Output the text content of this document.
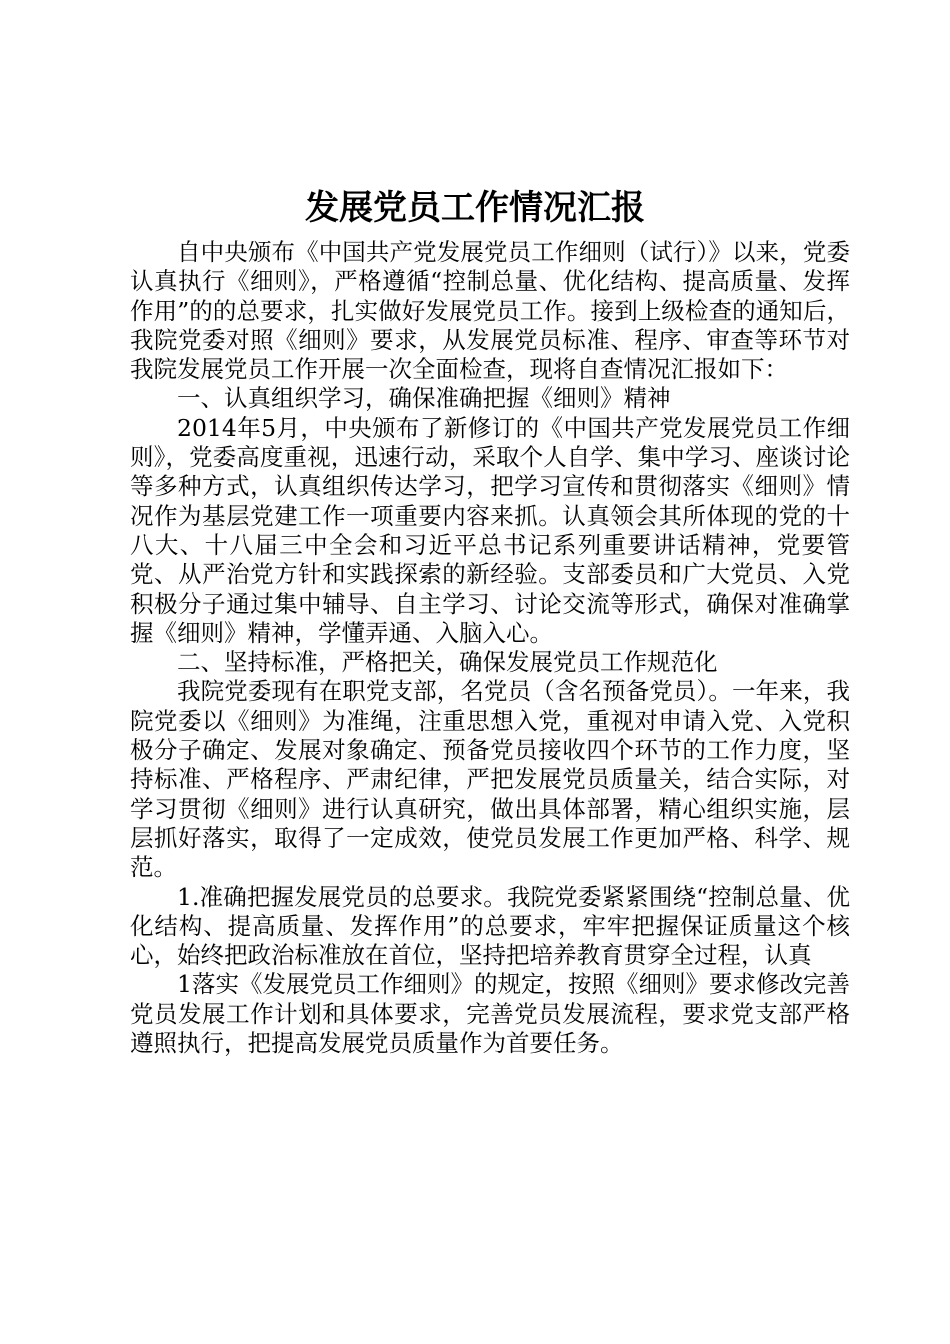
发展党员工作情况汇报

自中央颁布《中国共产党发展党员工作细则（试行）》以来，党委认真执行《细则》，严格遵循“控制总量、优化结构、提高质量、发挥作用”的的总要求，扎实做好发展党员工作。接到上级检查的通知后，我院党委对照《细则》要求，从发展党员标准、程序、审查等环节对我院发展党员工作开展一次全面检查，现将自查情况汇报如下：

一、认真组织学习，确保准确把握《细则》精神

2014年5月，中央颁布了新修订的《中国共产党发展党员工作细则》，党委高度重视，迅速行动，采取个人自学、集中学习、座谈讨论等多种方式，认真组织传达学习，把学习宣传和贯彻落实《细则》情况作为基层党建工作一项重要内容来抓。认真领会其所体现的党的十八大、十八届三中全会和习近平总书记系列重要讲话精神，党要管党、从严治党方针和实践探索的新经验。支部委员和广大党员、入党积极分子通过集中辅导、自主学习、讨论交流等形式，确保对准确掌握《细则》精神，学懂弄通、入脑入心。

二、坚持标准，严格把关，确保发展党员工作规范化

我院党委现有在职党支部，名党员（含名预备党员）。一年来，我院党委以《细则》为准绳，注重思想入党，重视对申请入党、入党积极分子确定、发展对象确定、预备党员接收四个环节的工作力度，坚持标准、严格程序、严肃纪律，严把发展党员质量关，结合实际，对学习贯彻《细则》进行认真研究，做出具体部署，精心组织实施，层层抓好落实，取得了一定成效，使党员发展工作更加严格、科学、规范。

1.准确把握发展党员的总要求。我院党委紧紧围绕“控制总量、优化结构、提高质量、发挥作用”的总要求，牢牢把握保证质量这个核心，始终把政治标准放在首位，坚持把培养教育贯穿全过程，认真

1落实《发展党员工作细则》的规定，按照《细则》要求修改完善党员发展工作计划和具体要求，完善党员发展流程，要求党支部严格遵照执行，把提高发展党员质量作为首要任务。
